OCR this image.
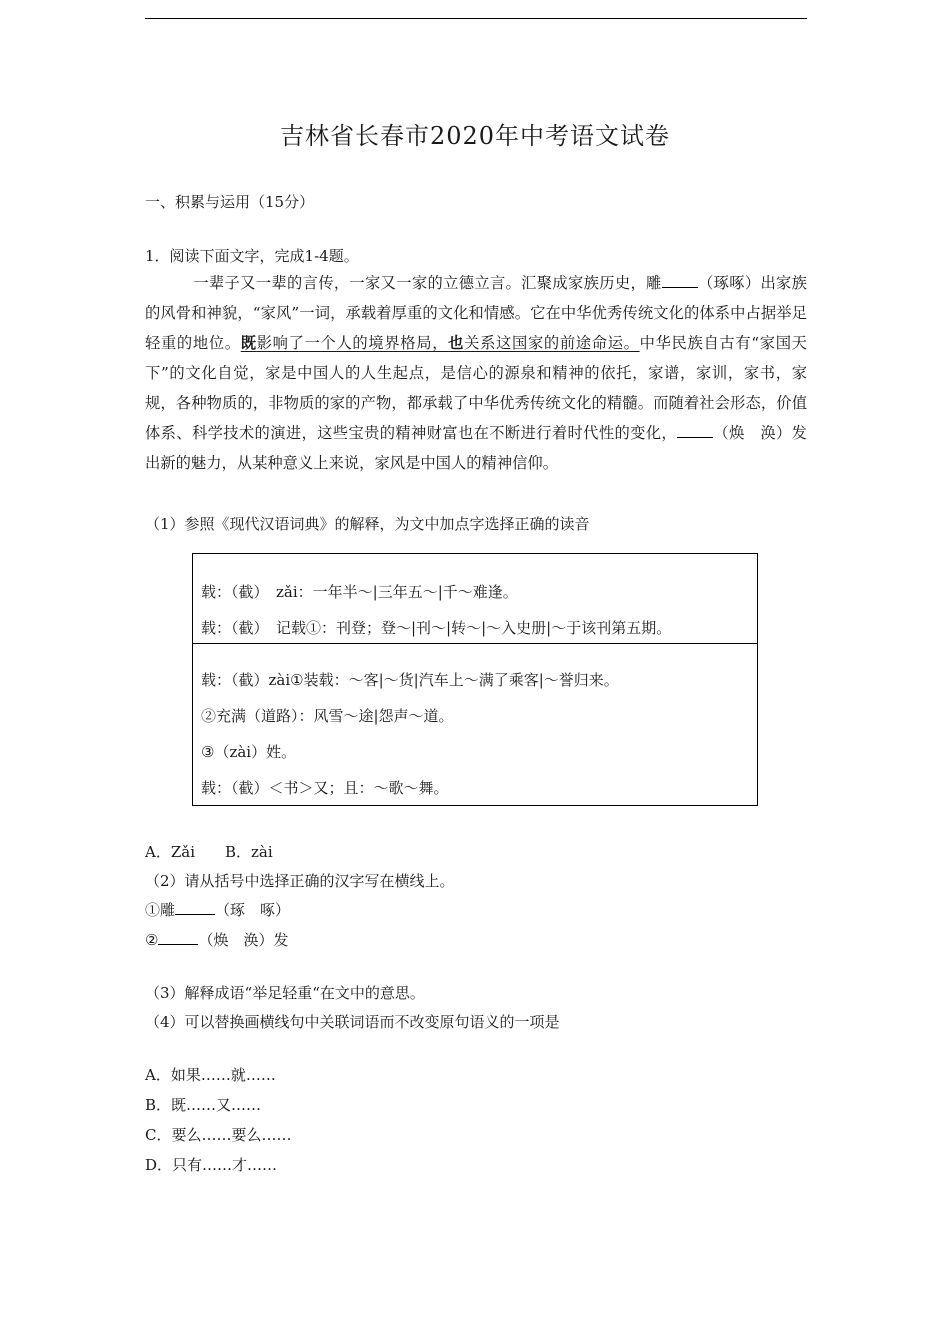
吉林省长春市2020年中考语文试卷
一、积累与运用（15分）
1．阅读下面文字，完成1-4题。
一辈子又一辈的言传，一家又一家的立德立言。汇聚成家族历史，雕 （琢啄）出家族的风骨和神貌，“家风”一词，承载着厚重的文化和情感。它在中华优秀传统文化的体系中占据举足轻重的地位。既影响了一个人的境界格局，也关系这国家的前途命运。中华民族自古有“家国天下”的文化自觉，家是中国人的人生起点，是信心的源泉和精神的依托，家谱，家训，家书，家规，各种物质的，非物质的家的产物，都承载了中华优秀传统文化的精髓。而随着社会形态，价值体系、科学技术的演进，这些宝贵的精神财富也在不断进行着时代性的变化， （焕　涣）发出新的魅力，从某种意义上来说，家风是中国人的精神信仰。
（1）参照《现代汉语词典》的解释，为文中加点字选择正确的读音
载：（截）　zǎi：一年半～|三年五～|千～难逢。
载：（截）　记载①：刊登；登～|刊～|转～|～入史册|～于该刊第五期。
载：（截）zài①装载：～客|～货|汽车上～满了乘客|～誉归来。
②充满（道路）：风雪～途|怨声～道。
③（zài）姓。
载：（截）＜书＞又；且：～歌～舞。
A．Zǎi　　B．zài
（2）请从括号中选择正确的汉字写在横线上。
①雕	（琢　啄）
②	（焕　涣）发
（3）解释成语“举足轻重“在文中的意思。
（4）可以替换画横线句中关联词语而不改变原句语义的一项是
A．如果……就……
B．既……又……
C．要么……要么……
D．只有……才……
